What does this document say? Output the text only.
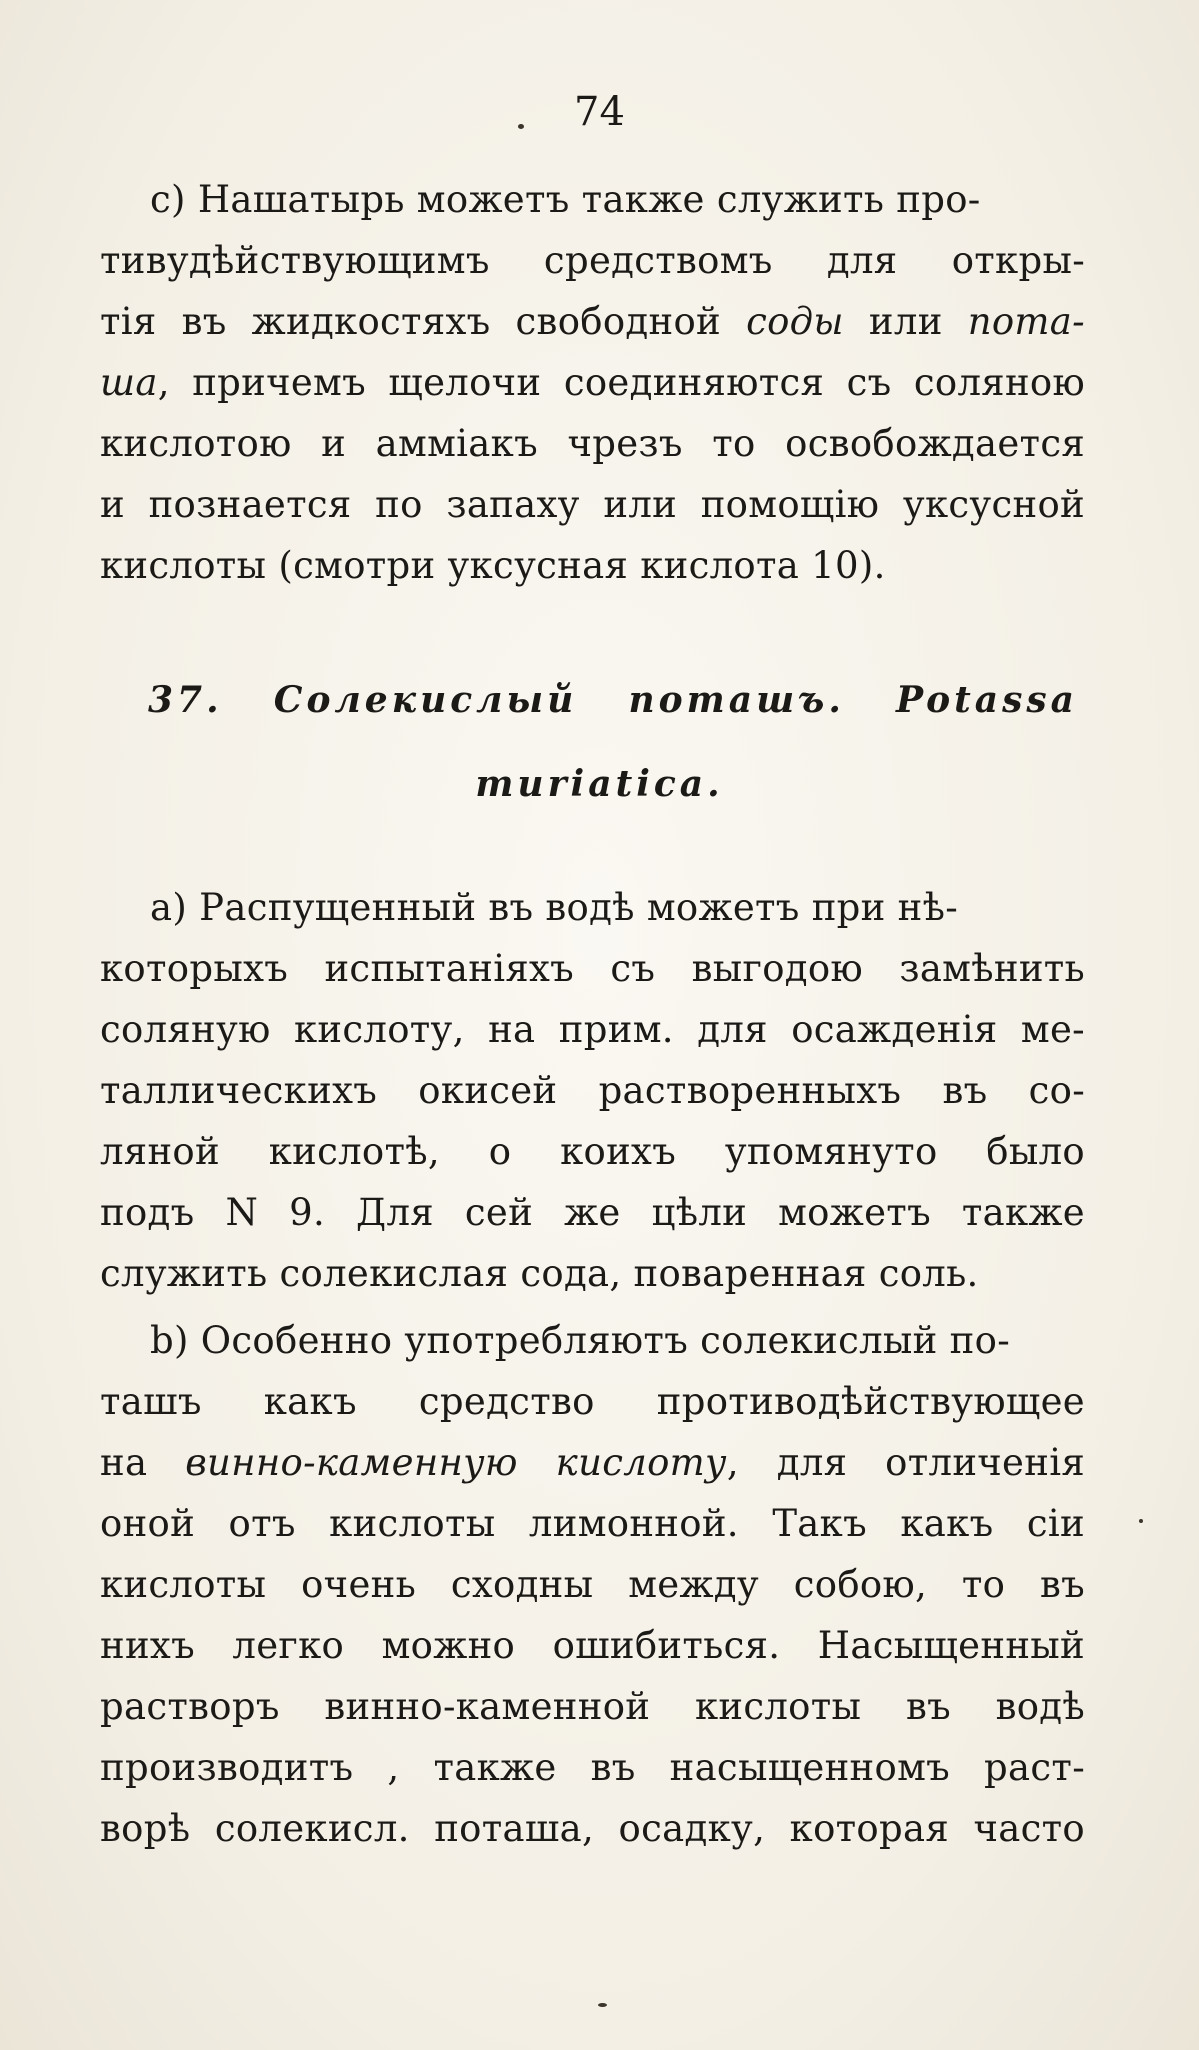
74
c) Нашатырь можетъ также служить про-
тивудѣйствующимъ средствомъ для откры-
тія въ жидкостяхъ свободной соды или пота-
ша, причемъ щелочи соединяются съ соляною
кислотою и амміакъ чрезъ то освобождается
и познается по запаху или помощію уксусной
кислоты (смотри уксусная кислота 10).
37. Солекислый поташъ. Potassa
muriatica.
a) Распущенный въ водѣ можетъ при нѣ-
которыхъ испытаніяхъ съ выгодою замѣнить
соляную кислоту, на прим. для осажденія ме-
таллическихъ окисей растворенныхъ въ со-
ляной кислотѣ, о коихъ упомянуто было
подъ N 9. Для сей же цѣли можетъ также
служить солекислая сода, поваренная соль.
b) Особенно употребляютъ солекислый по-
ташъ какъ средство противодѣйствующее
на винно-каменную кислоту, для отличенія
оной отъ кислоты лимонной. Такъ какъ сіи
кислоты очень сходны между собою, то въ
нихъ легко можно ошибиться. Насыщенный
растворъ винно-каменной кислоты въ водѣ
производитъ , также въ насыщенномъ раст-
ворѣ солекисл. поташа, осадку, которая часто
